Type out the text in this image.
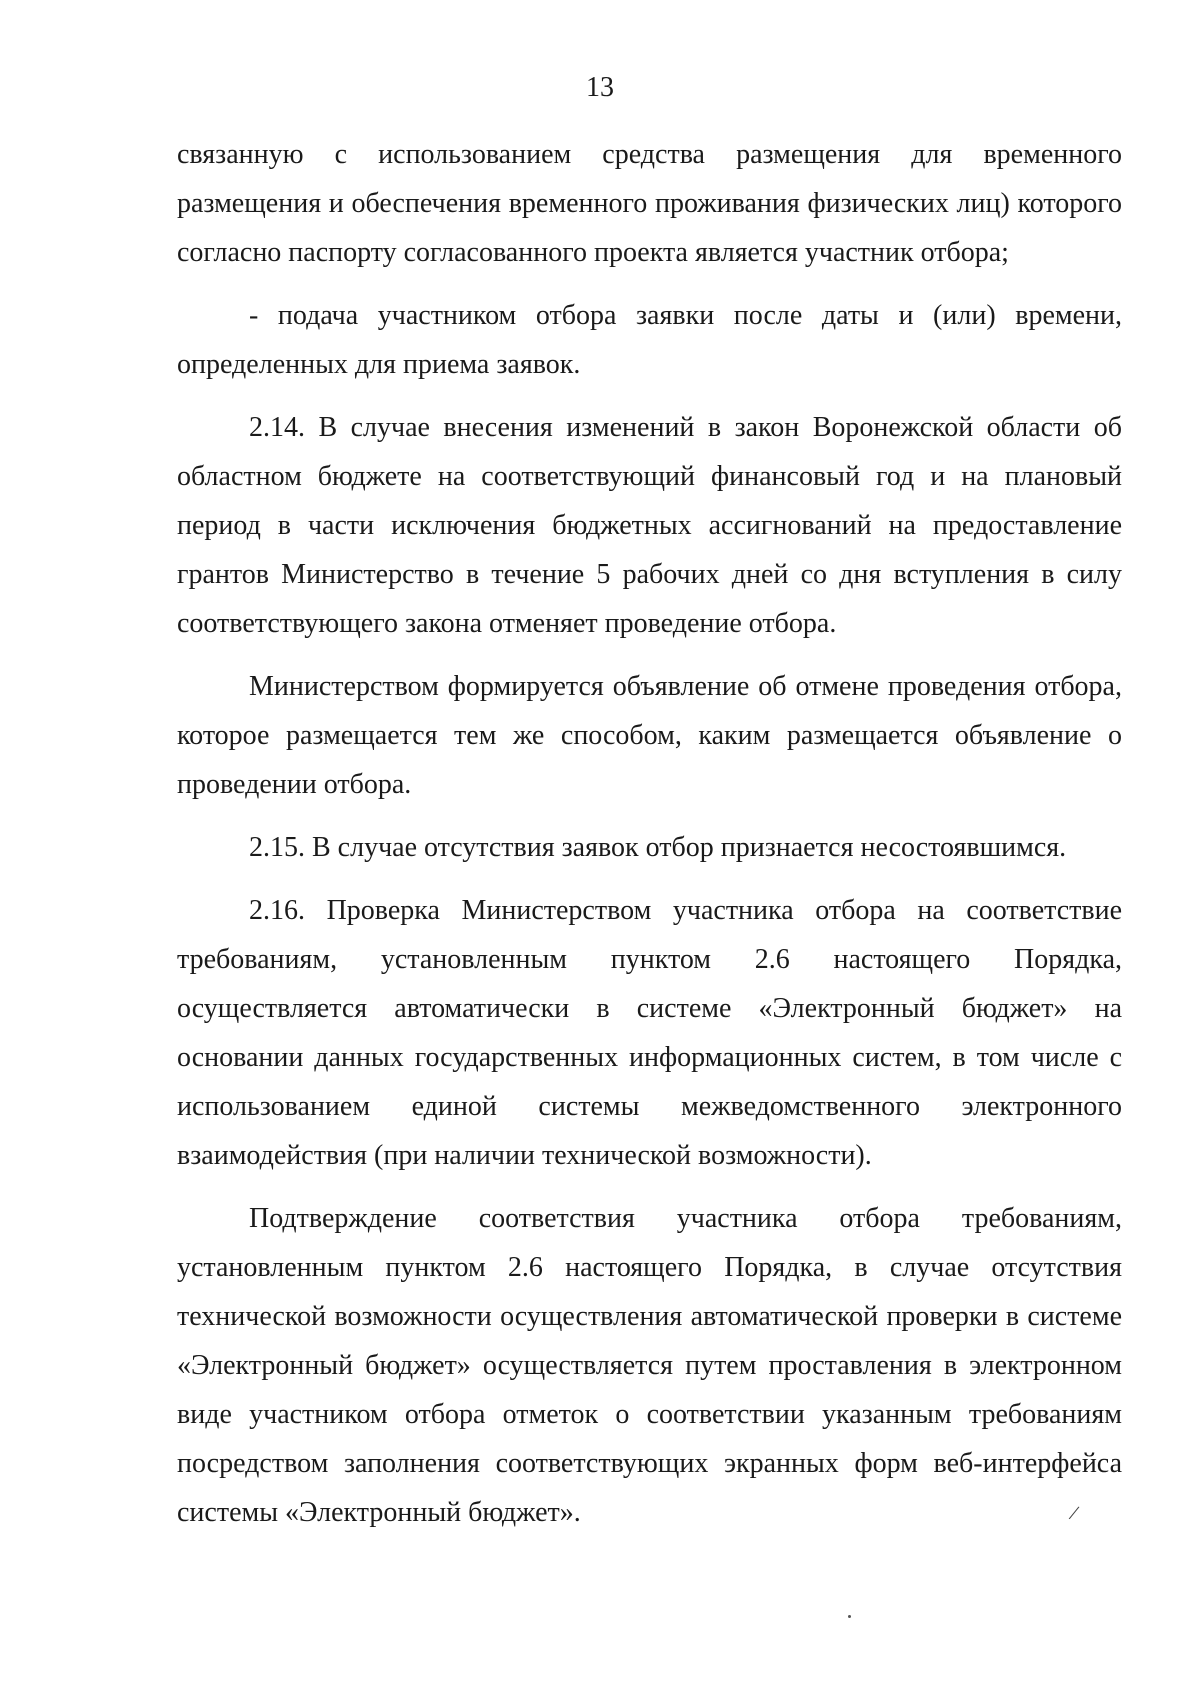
13

связанную с использованием средства размещения для временного размещения и обеспечения временного проживания физических лиц) которого согласно паспорту согласованного проекта является участник отбора;

- подача участником отбора заявки после даты и (или) времени, определенных для приема заявок.

2.14. В случае внесения изменений в закон Воронежской области об областном бюджете на соответствующий финансовый год и на плановый период в части исключения бюджетных ассигнований на предоставление грантов Министерство в течение 5 рабочих дней со дня вступления в силу соответствующего закона отменяет проведение отбора.

Министерством формируется объявление об отмене проведения отбора, которое размещается тем же способом, каким размещается объявление о проведении отбора.

2.15. В случае отсутствия заявок отбор признается несостоявшимся.

2.16. Проверка Министерством участника отбора на соответствие требованиям, установленным пунктом 2.6 настоящего Порядка, осуществляется автоматически в системе «Электронный бюджет» на основании данных государственных информационных систем, в том числе с использованием единой системы межведомственного электронного взаимодействия (при наличии технической возможности).

Подтверждение соответствия участника отбора требованиям, установленным пунктом 2.6 настоящего Порядка, в случае отсутствия технической возможности осуществления автоматической проверки в системе «Электронный бюджет» осуществляется путем проставления в электронном виде участником отбора отметок о соответствии указанным требованиям посредством заполнения соответствующих экранных форм веб-интерфейса системы «Электронный бюджет».	/
